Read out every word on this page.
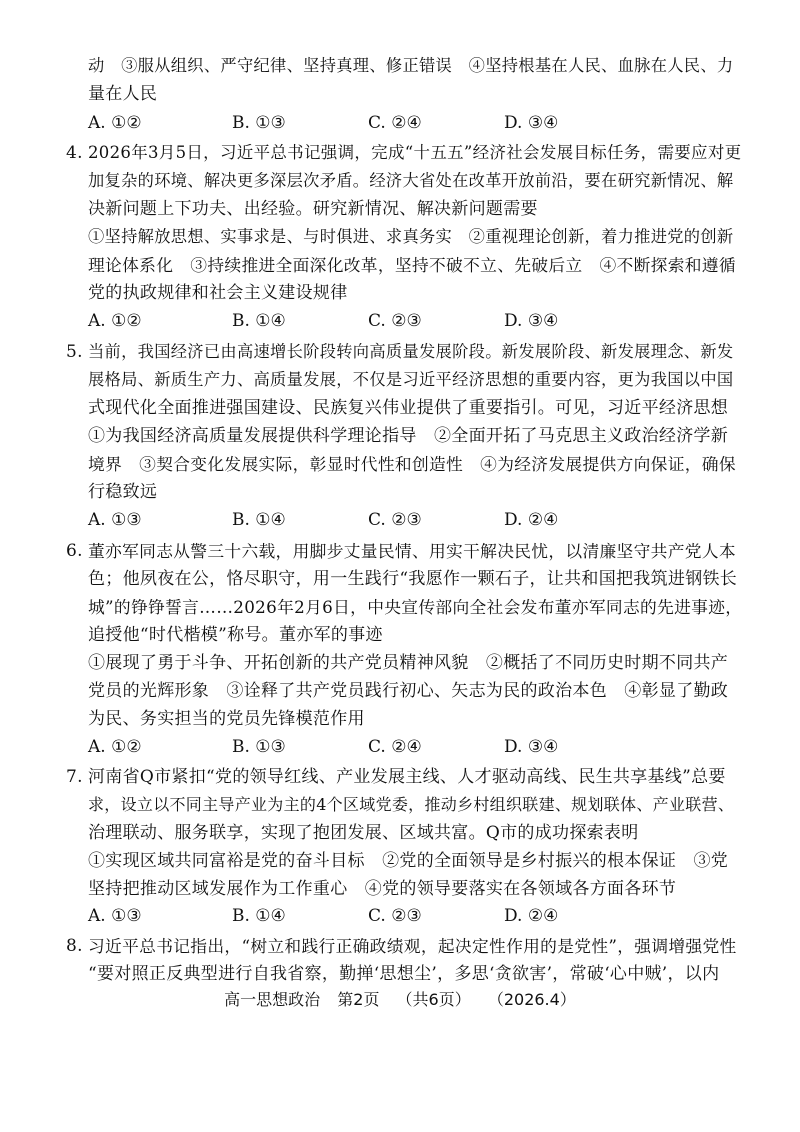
动　③服从组织、严守纪律、坚持真理、修正错误　④坚持根基在人民、血脉在人民、力
量在人民
A. ①②	B. ①③	C. ②④	D. ③④
4. 2026年3月5日，习近平总书记强调，完成“十五五”经济社会发展目标任务，需要应对更
加复杂的环境、解决更多深层次矛盾。经济大省处在改革开放前沿，要在研究新情况、解
决新问题上下功夫、出经验。研究新情况、解决新问题需要
①坚持解放思想、实事求是、与时俱进、求真务实　②重视理论创新，着力推进党的创新
理论体系化　③持续推进全面深化改革，坚持不破不立、先破后立　④不断探索和遵循
党的执政规律和社会主义建设规律
A. ①②	B. ①④	C. ②③	D. ③④
5. 当前，我国经济已由高速增长阶段转向高质量发展阶段。新发展阶段、新发展理念、新发
展格局、新质生产力、高质量发展，不仅是习近平经济思想的重要内容，更为我国以中国
式现代化全面推进强国建设、民族复兴伟业提供了重要指引。可见，习近平经济思想
①为我国经济高质量发展提供科学理论指导　②全面开拓了马克思主义政治经济学新
境界　③契合变化发展实际，彰显时代性和创造性　④为经济发展提供方向保证，确保
行稳致远
A. ①③	B. ①④	C. ②③	D. ②④
6. 董亦军同志从警三十六载，用脚步丈量民情、用实干解决民忧，以清廉坚守共产党人本
色；他夙夜在公，恪尽职守，用一生践行“我愿作一颗石子，让共和国把我筑进钢铁长
城”的铮铮誓言……2026年2月6日，中央宣传部向全社会发布董亦军同志的先进事迹，
追授他“时代楷模”称号。董亦军的事迹
①展现了勇于斗争、开拓创新的共产党员精神风貌　②概括了不同历史时期不同共产
党员的光辉形象　③诠释了共产党员践行初心、矢志为民的政治本色　④彰显了勤政
为民、务实担当的党员先锋模范作用
A. ①②	B. ①③	C. ②④	D. ③④
7. 河南省Q市紧扣“党的领导红线、产业发展主线、人才驱动高线、民生共享基线”总要
求，设立以不同主导产业为主的4个区域党委，推动乡村组织联建、规划联体、产业联营、
治理联动、服务联享，实现了抱团发展、区域共富。Q市的成功探索表明
①实现区域共同富裕是党的奋斗目标　②党的全面领导是乡村振兴的根本保证　③党
坚持把推动区域发展作为工作重心　④党的领导要落实在各领域各方面各环节
A. ①③	B. ①④	C. ②③	D. ②④
8. 习近平总书记指出，“树立和践行正确政绩观，起决定性作用的是党性”，强调增强党性
“要对照正反典型进行自我省察，勤掸‘思想尘’，多思‘贪欲害’，常破‘心中贼’，以内
高一思想政治 第2页 （共6页） （2026.4）
